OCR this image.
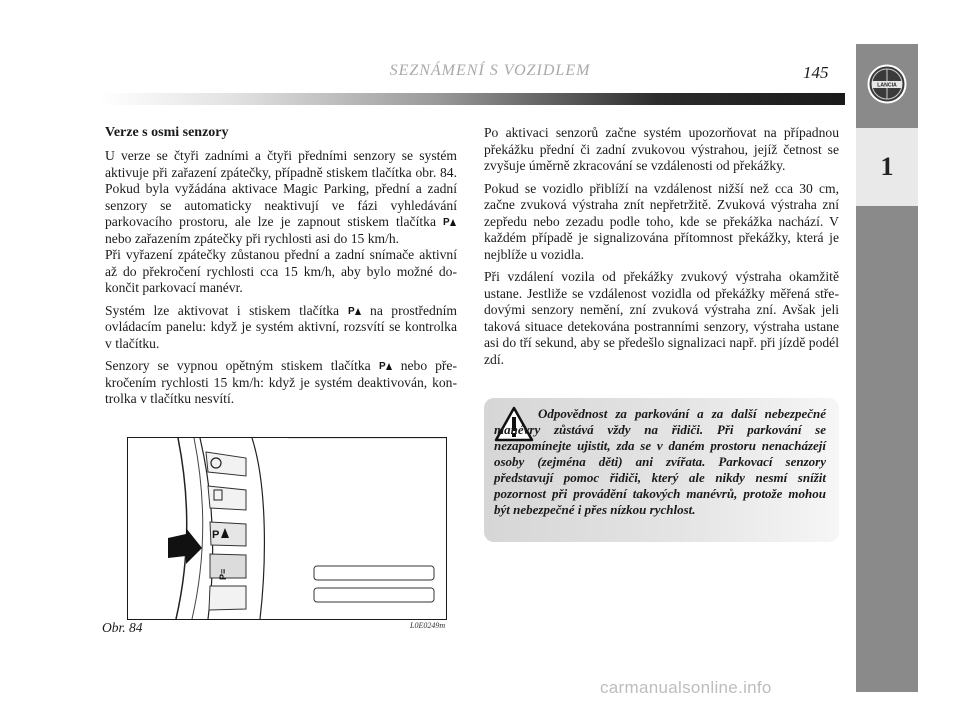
SEZNÁMENÍ S VOZIDLEM	145
LANCIA
1
Verze s osmi senzory

U verze se čtyři zadními a čtyři předními senzory se systém aktivuje při zařazení zpátečky, případně stiskem tlačítka obr. 84. Pokud byla vyžádána aktivace Magic Parking, přední a zadní senzory se automaticky neaktivují ve fázi vyhledávání parkovacího prostoru, ale lze je zapnout stiskem tlačítka P
nebo zařazením zpátečky při rychlosti asi do 15 km/h.
Při vyřazení zpátečky zůstanou přední a zadní snímače aktivní až do překročení rychlosti cca 15 km/h, aby bylo možné dokončit parkovací manévr.

Systém lze aktivovat i stiskem tlačítka P na prostředním ovládacím panelu: když je systém aktivní, rozsvítí se kontrolka v tlačítku.

Senzory se vypnou opětným stiskem tlačítka P nebo překročením rychlosti 15 km/h: když je systém deaktivován, kontrolka v tlačítku nesvítí.

Po aktivaci senzorů začne systém upozorňovat na případnou překážku přední či zadní zvukovou výstrahou, jejíž četnost se zvyšuje úměrně zkracování se vzdálenosti od překážky.

Pokud se vozidlo přiblíží na vzdálenost nižší než cca 30 cm, začne zvuková výstraha znít nepřetržitě. Zvuková výstraha zní zepředu nebo zezadu podle toho, kde se překážka nachází. V každém případě je signalizována přítomnost překážky, která je nejblíže u vozidla.

Při vzdálení vozila od překážky zvukový výstraha okamžitě ustane. Jestliže se vzdálenost vozidla od překážky měřená středovými senzory nemění, zní zvuková výstraha zní. Avšak jeli taková situace detekována postranními senzory, výstraha ustane asi do tří sekund, aby se předešlo signalizaci např. při jízdě podél zdí.

Odpovědnost za parkování a za další nebezpečné manévry zůstává vždy na řidiči. Při parkování se nezapomínejte ujistit, zda se v daném prostoru nenacházejí osoby (zejména děti) ani zvířata. Parkovací senzory představují pomoc řidiči, který ale nikdy nesmí snížit pozornost při provádění takových manévrů, protože mohou být nebezpečné i přes nízkou rychlost.
P
P≡
Obr. 84	L0E0249m
carmanualsonline.info
